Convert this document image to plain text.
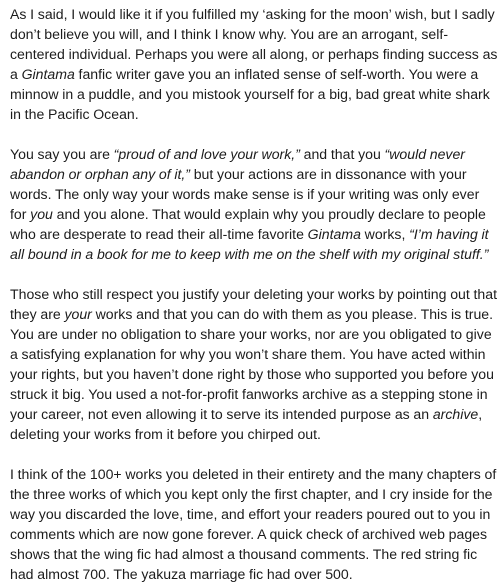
As I said, I would like it if you fulfilled my ‘asking for the moon’ wish, but I sadly don’t believe you will, and I think I know why. You are an arrogant, self-centered individual. Perhaps you were all along, or perhaps finding success as a Gintama fanfic writer gave you an inflated sense of self-worth. You were a minnow in a puddle, and you mistook yourself for a big, bad great white shark in the Pacific Ocean.

You say you are “proud of and love your work,” and that you “would never abandon or orphan any of it,” but your actions are in dissonance with your words. The only way your words make sense is if your writing was only ever for you and you alone. That would explain why you proudly declare to people who are desperate to read their all-time favorite Gintama works, “I’m having it all bound in a book for me to keep with me on the shelf with my original stuff.”

Those who still respect you justify your deleting your works by pointing out that they are your works and that you can do with them as you please. This is true. You are under no obligation to share your works, nor are you obligated to give a satisfying explanation for why you won’t share them. You have acted within your rights, but you haven’t done right by those who supported you before you struck it big. You used a not-for-profit fanworks archive as a stepping stone in your career, not even allowing it to serve its intended purpose as an archive, deleting your works from it before you chirped out.

I think of the 100+ works you deleted in their entirety and the many chapters of the three works of which you kept only the first chapter, and I cry inside for the way you discarded the love, time, and effort your readers poured out to you in comments which are now gone forever. A quick check of archived web pages shows that the wing fic had almost a thousand comments. The red string fic had almost 700. The yakuza marriage fic had over 500.
